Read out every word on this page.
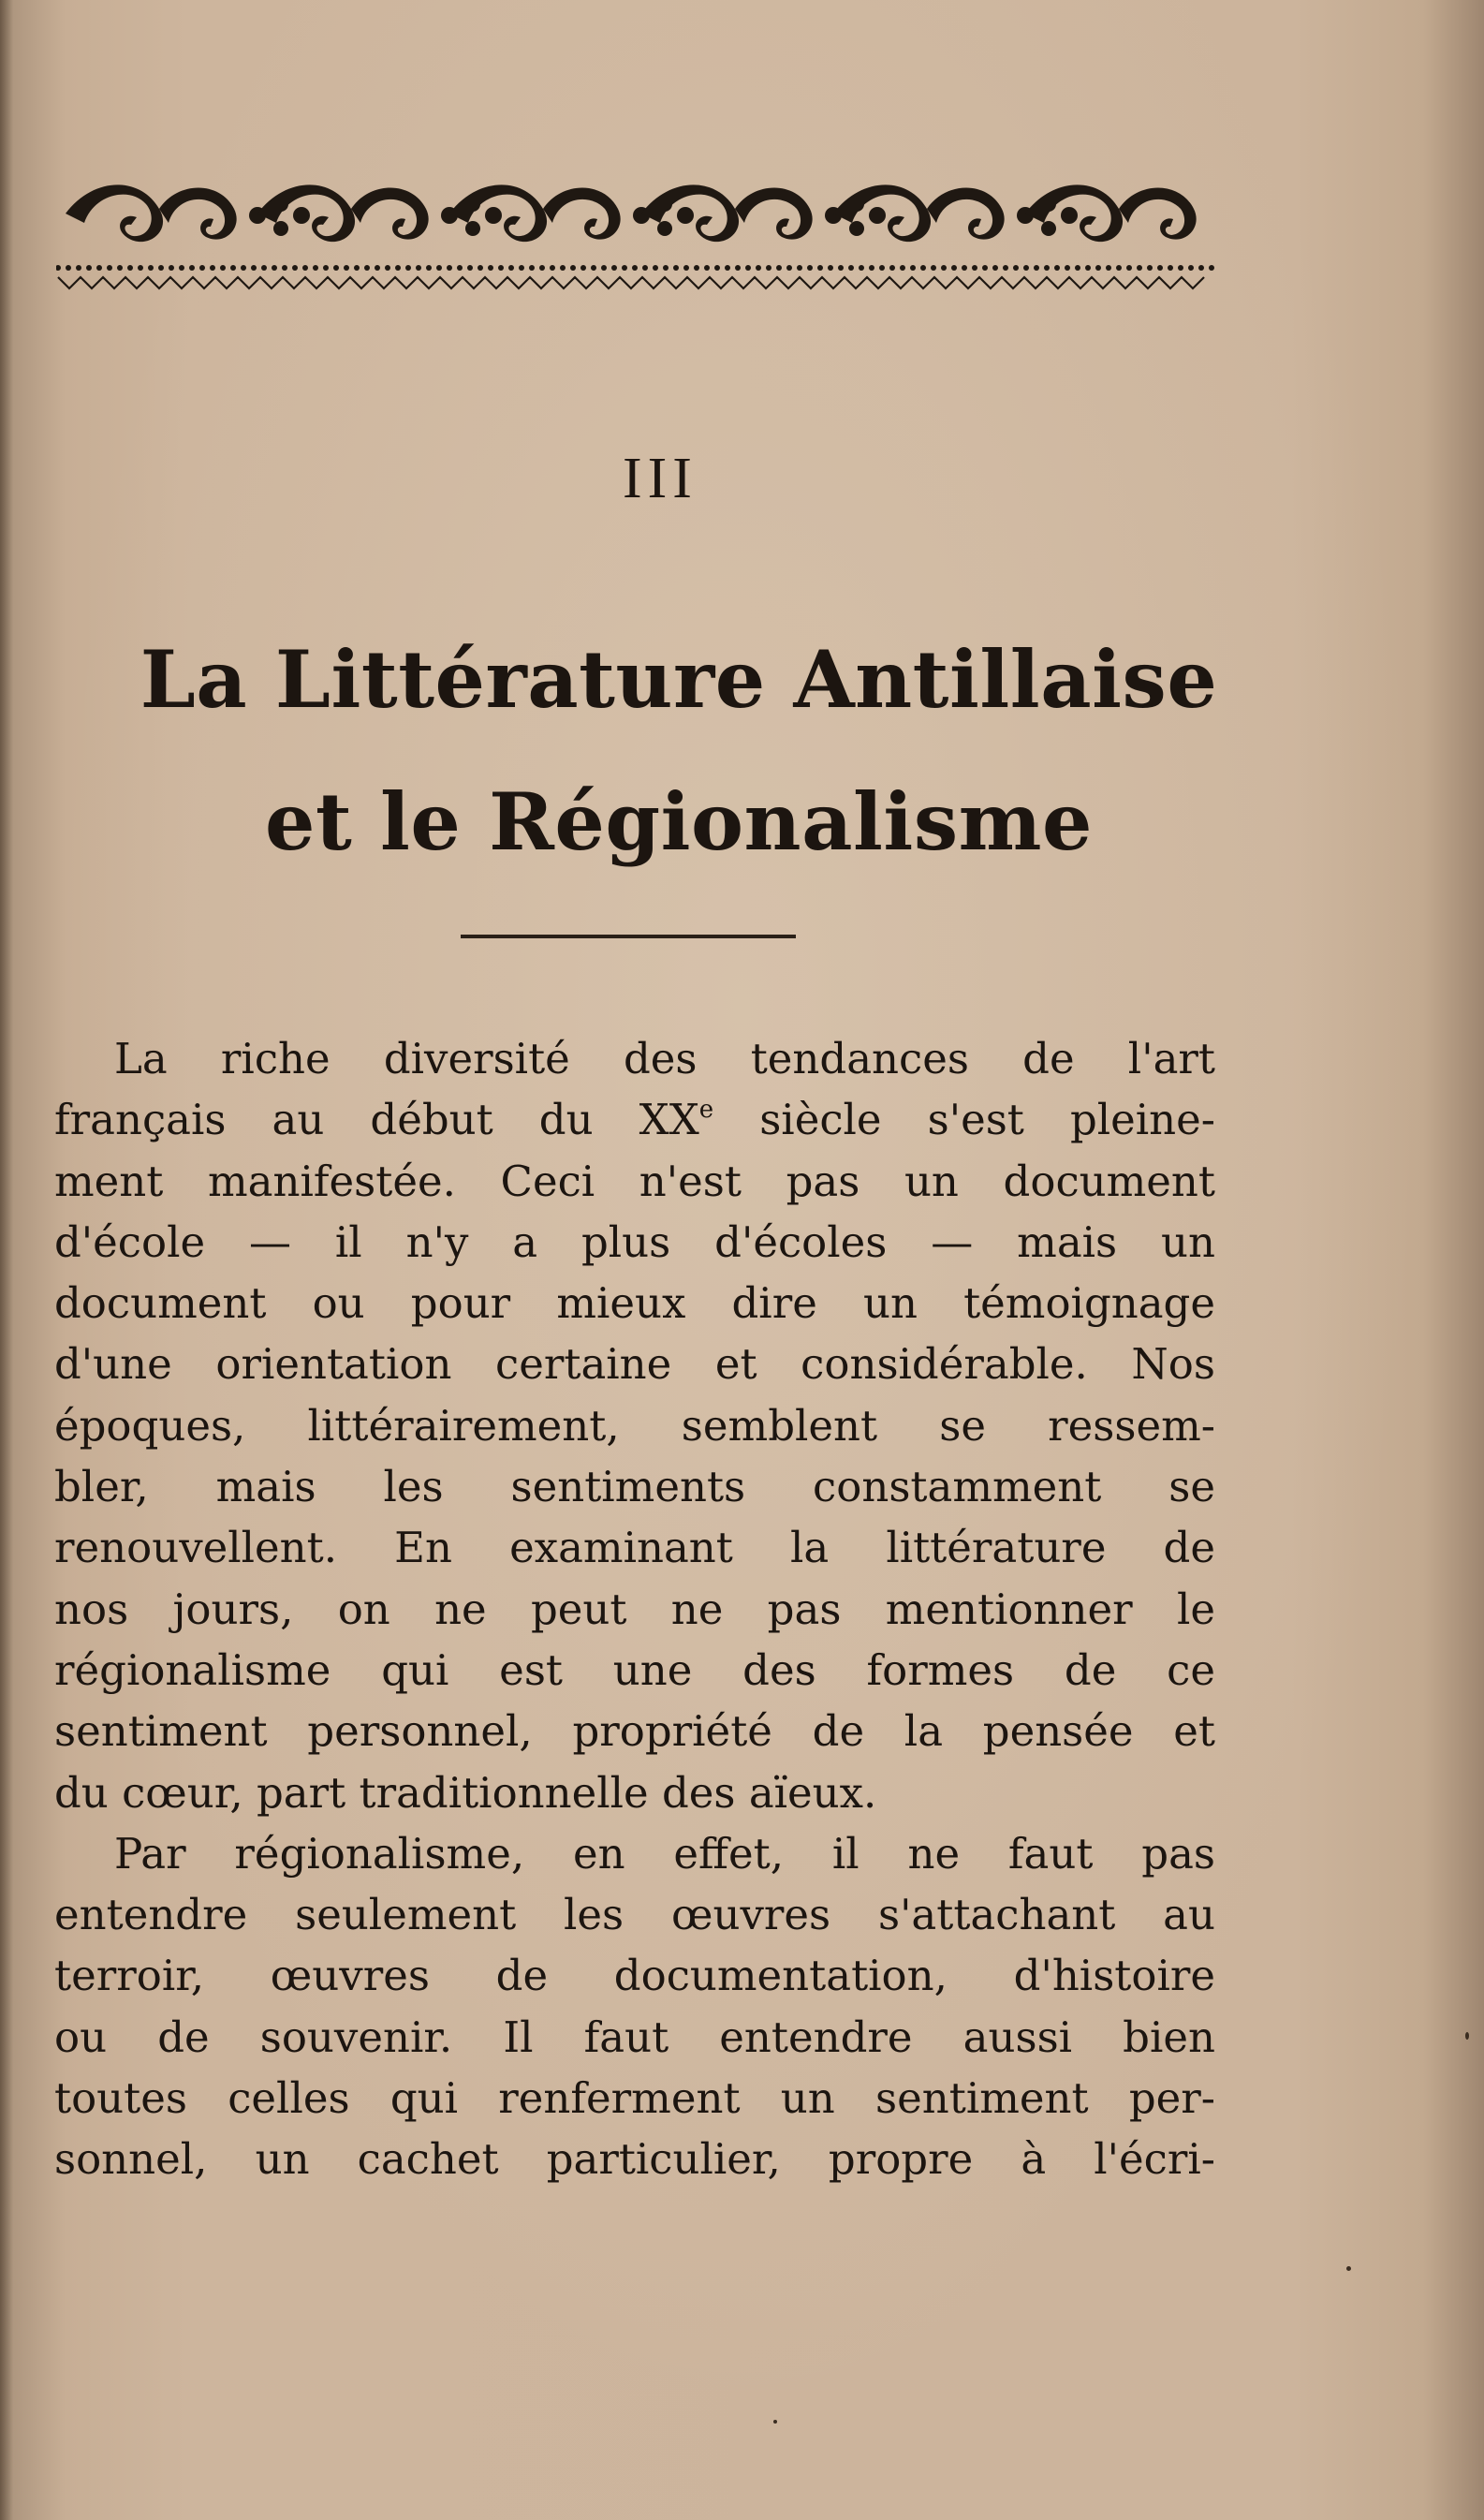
III
La Littérature Antillaise
et le Régionalisme
La riche diversité des tendances de l'art
français au début du XXe siècle s'est pleine-
ment manifestée. Ceci n'est pas un document
d'école — il n'y a plus d'écoles — mais un
document ou pour mieux dire un témoignage
d'une orientation certaine et considérable. Nos
époques, littérairement, semblent se ressem-
bler, mais les sentiments constamment se
renouvellent. En examinant la littérature de
nos jours, on ne peut ne pas mentionner le
régionalisme qui est une des formes de ce
sentiment personnel, propriété de la pensée et
du cœur, part traditionnelle des aïeux.
Par régionalisme, en effet, il ne faut pas
entendre seulement les œuvres s'attachant au
terroir, œuvres de documentation, d'histoire
ou de souvenir. Il faut entendre aussi bien
toutes celles qui renferment un sentiment per-
sonnel, un cachet particulier, propre à l'écri-
